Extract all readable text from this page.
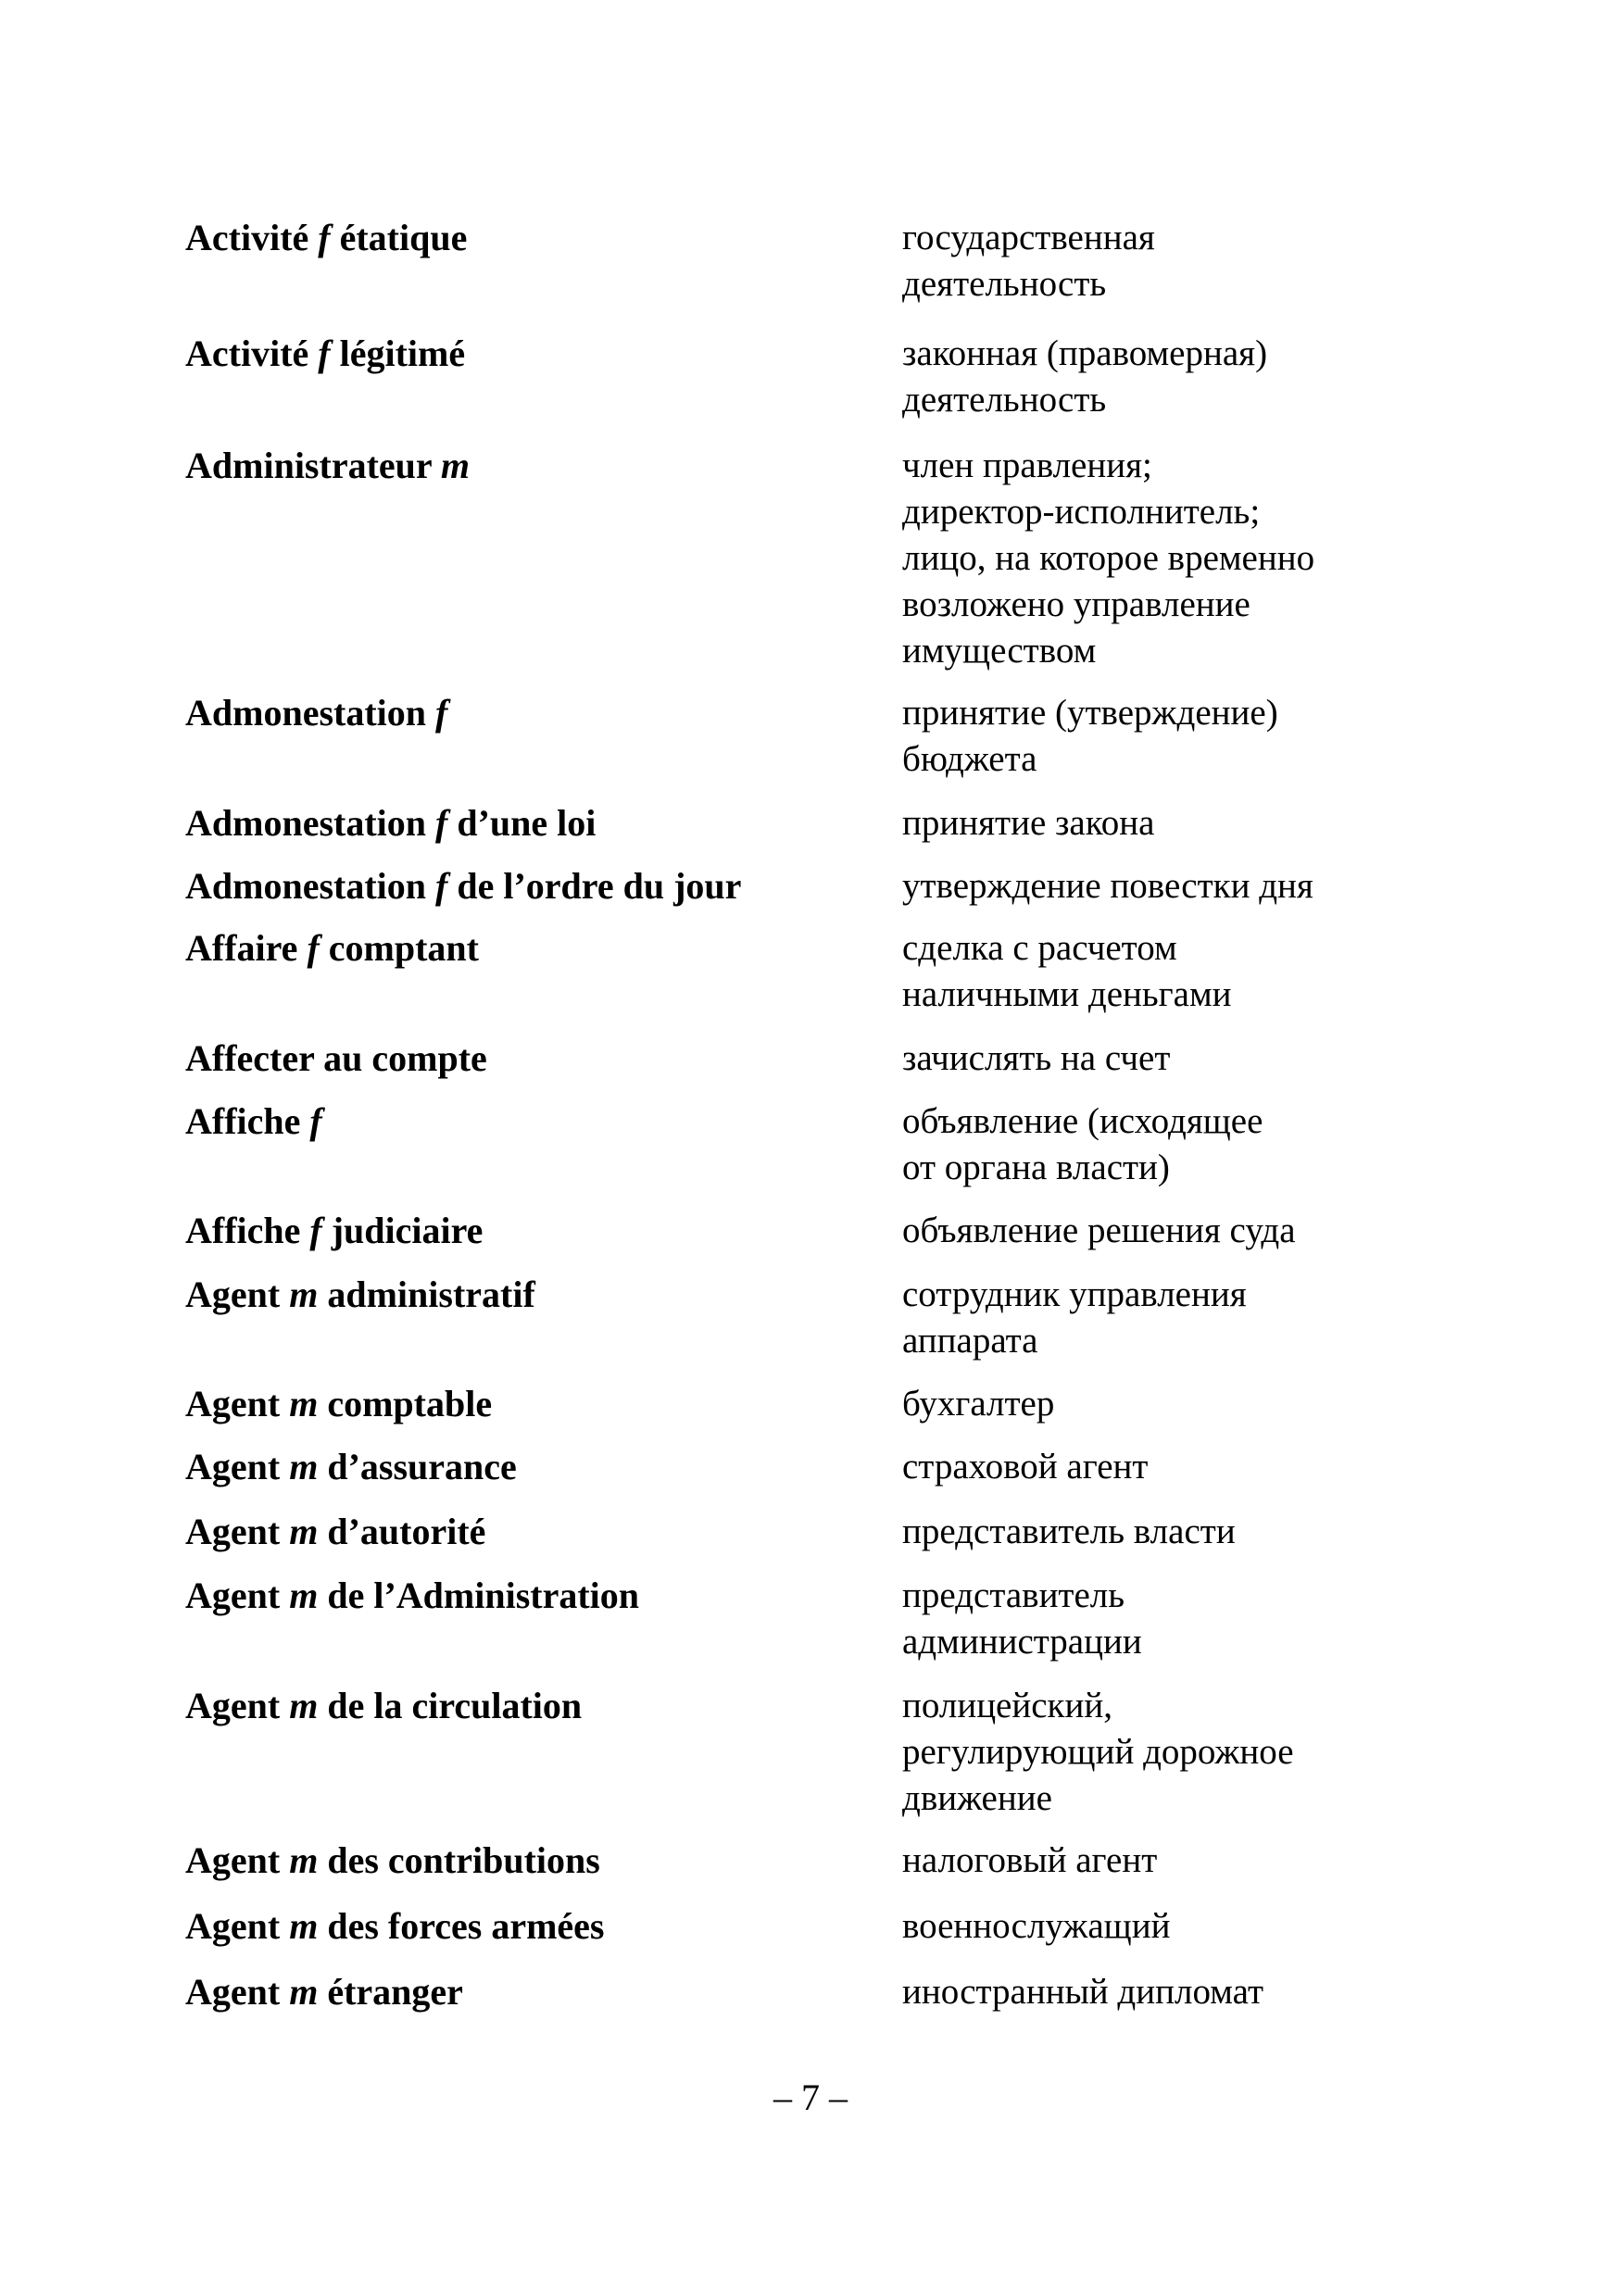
Activité f étatique	государственная
деятельность
Activité f légitimé	законная (правомерная)
деятельность
Administrateur m	член правления;
директор-исполнитель;
лицо, на которое временно
возложено управление
имуществом
Admonestation f	принятие (утверждение)
бюджета
Admonestation f d’une loi	принятие закона
Admonestation f de l’ordre du jour	утверждение повестки дня
Affaire f comptant	сделка с расчетом
наличными деньгами
Affecter au compte	зачислять на счет
Affiche f	объявление (исходящее
от органа власти)
Affiche f judiciaire	объявление решения суда
Agent m administratif	сотрудник управления
аппарата
Agent m comptable	бухгалтер
Agent m d’assurance	страховой агент
Agent m d’autorité	представитель власти
Agent m de l’Administration	представитель
администрации
Agent m de la circulation	полицейский,
регулирующий дорожное
движение
Agent m des contributions	налоговый агент
Agent m des forces armées	военнослужащий
Agent m étranger	иностранный дипломат
– 7 –
